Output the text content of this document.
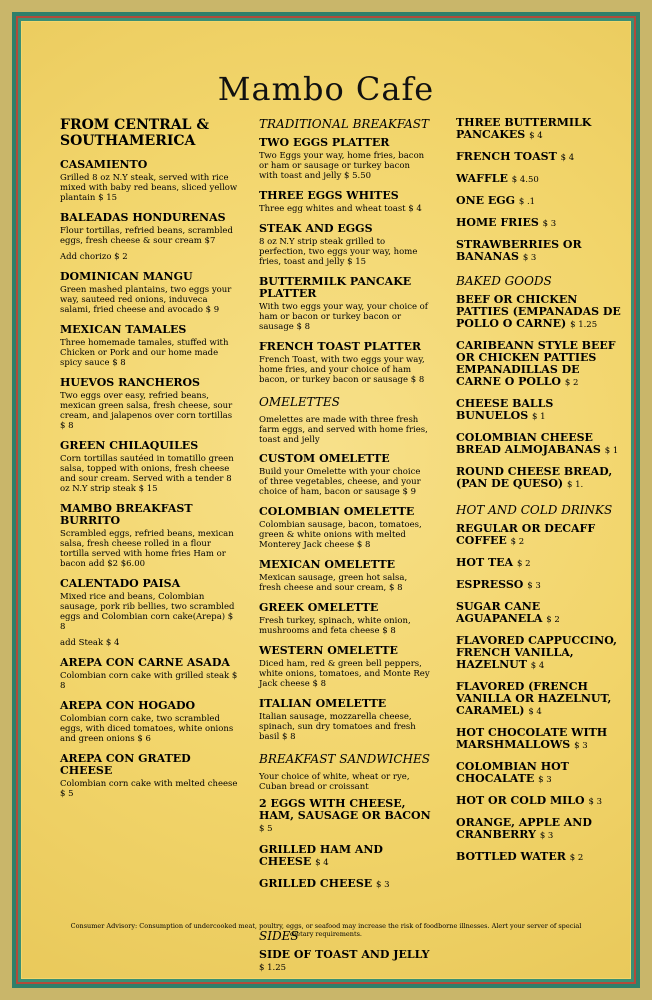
Mambo Cafe
FROM CENTRAL & SOUTHAMERICA
CASAMIENTO
Grilled 8 oz N.Y steak, served with rice mixed with baby red beans, sliced yellow plantain $ 15
BALEADAS HONDURENAS
Flour tortillas, refried beans, scrambled eggs, fresh cheese & sour cream $7
Add chorizo $ 2
DOMINICAN MANGU
Green mashed plantains, two eggs your way, sauteed red onions, induveca salami, fried cheese and avocado $ 9
MEXICAN TAMALES
Three homemade tamales, stuffed with Chicken or Pork and our home made spicy sauce $ 8
HUEVOS RANCHEROS
Two eggs over easy, refried beans, mexican green salsa, fresh cheese, sour cream, and jalapenos over corn tortillas $ 8
GREEN CHILAQUILES
Corn tortillas sautéed in tomatillo green salsa, topped with onions, fresh cheese and sour cream. Served with a tender 8 oz N.Y strip steak $ 15
MAMBO BREAKFAST BURRITO
Scrambled eggs, refried beans, mexican salsa, fresh cheese rolled in a flour tortilla served with home fries Ham or bacon add $2 $6.00
CALENTADO PAISA
Mixed rice and beans, Colombian sausage, pork rib bellies, two scrambled eggs and Colombian corn cake(Arepa) $ 8
add Steak $ 4
AREPA CON CARNE ASADA
Colombian corn cake with grilled steak $ 8
AREPA CON HOGADO
Colombian corn cake, two scrambled eggs, with diced tomatoes, white onions and green onions $ 6
AREPA CON GRATED CHEESE
Colombian corn cake with melted cheese $ 5
TRADITIONAL BREAKFAST
TWO EGGS PLATTER
Two Eggs your way, home fries, bacon or ham or sausage or turkey bacon with toast and jelly $ 5.50
THREE EGGS WHITES
Three egg whites and wheat toast $ 4
STEAK AND EGGS
8 oz N.Y strip steak grilled to perfection, two eggs your way, home fries, toast and jelly $ 15
BUTTERMILK PANCAKE PLATTER
With two eggs your way, your choice of ham or bacon or turkey bacon or sausage $ 8
FRENCH TOAST PLATTER
French Toast, with two eggs your way, home fries, and your choice of ham bacon, or turkey bacon or sausage $ 8
OMELETTES
Omelettes are made with three fresh farm eggs, and served with home fries, toast and jelly
CUSTOM OMELETTE
Build your Omelette with your choice of three vegetables, cheese, and your choice of ham, bacon or sausage $ 9
COLOMBIAN OMELETTE
Colombian sausage, bacon, tomatoes, green & white onions with melted Monterey Jack cheese $ 8
MEXICAN OMELETTE
Mexican sausage, green hot salsa, fresh cheese and sour cream, $ 8
GREEK OMELETTE
Fresh turkey, spinach, white onion, mushrooms and feta cheese $ 8
WESTERN OMELETTE
Diced ham, red & green bell peppers, white onions, tomatoes, and Monte Rey Jack cheese $ 8
ITALIAN OMELETTE
Italian sausage, mozzarella cheese, spinach, sun dry tomatoes and fresh basil $ 8
BREAKFAST SANDWICHES
Your choice of white, wheat or rye, Cuban bread or croissant
2 EGGS WITH CHEESE, HAM, SAUSAGE OR BACON $ 5
GRILLED HAM AND CHEESE $ 4
GRILLED CHEESE $ 3
SIDES
SIDE OF TOAST AND JELLY $ 1.25
THREE BUTTERMILK PANCAKES $ 4
FRENCH TOAST $ 4
WAFFLE $ 4.50
ONE EGG $ .1
HOME FRIES $ 3
STRAWBERRIES OR BANANAS $ 3
BAKED GOODS
BEEF OR CHICKEN PATTIES (EMPANADAS DE POLLO O CARNE) $ 1.25
CARIBEANN STYLE BEEF OR CHICKEN PATTIES EMPANADILLAS DE CARNE O POLLO $ 2
CHEESE BALLS BUNUELOS $ 1
COLOMBIAN CHEESE BREAD ALMOJABANAS $ 1
ROUND CHEESE BREAD,(PAN DE QUESO) $ 1.
HOT AND COLD DRINKS
REGULAR OR DECAFF COFFEE $ 2
HOT TEA $ 2
ESPRESSO $ 3
SUGAR CANE AGUAPANELA $ 2
FLAVORED CAPPUCCINO, FRENCH VANILLA, HAZELNUT $ 4
FLAVORED (FRENCH VANILLA OR HAZELNUT, CARAMEL) $ 4
HOT CHOCOLATE WITH MARSHMALLOWS $ 3
COLOMBIAN HOT CHOCALATE $ 3
HOT OR COLD MILO $ 3
ORANGE, APPLE AND CRANBERRY $ 3
BOTTLED WATER $ 2
Consumer Advisory: Consumption of undercooked meat, poultry, eggs, or seafood may increase the risk of foodborne illnesses. Alert your server of special dietary requirements.
